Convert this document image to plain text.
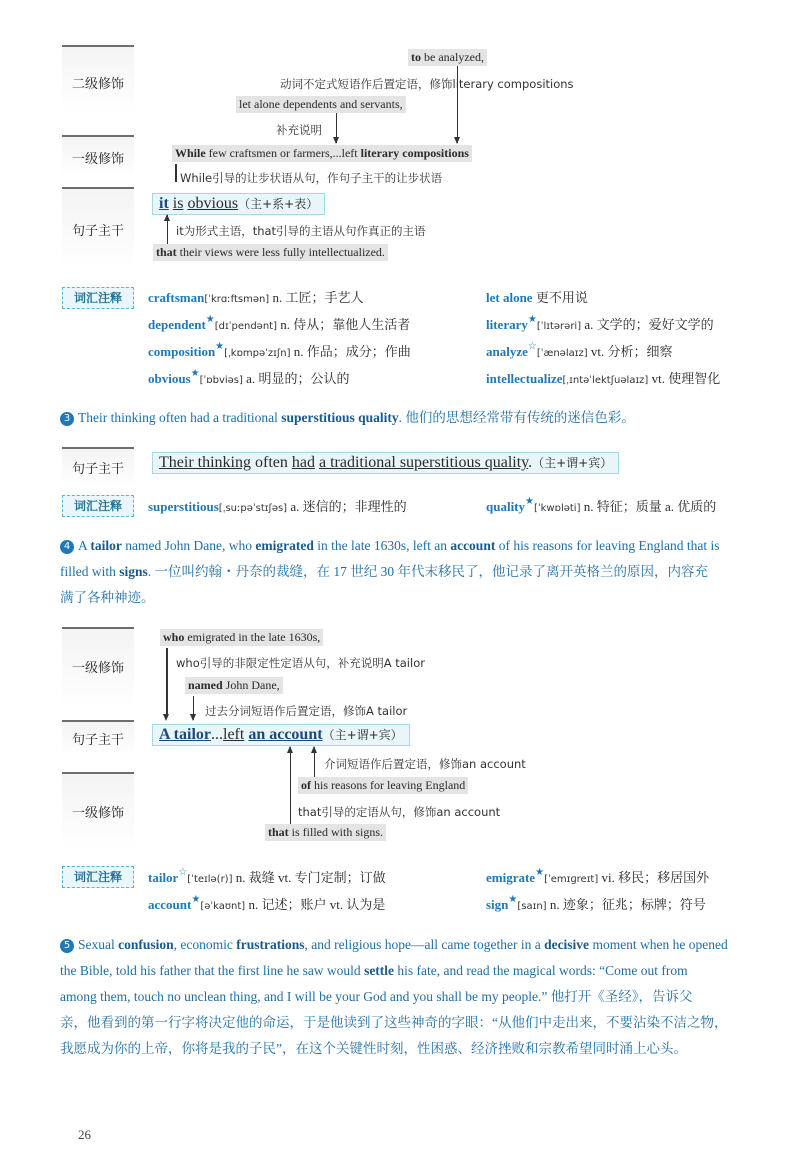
二级修饰
一级修饰
句子主干
to be analyzed,
动词不定式短语作后置定语，修饰literary compositions
let alone dependents and servants,
补充说明
While few craftsmen or farmers,...left literary compositions
While引导的让步状语从句，作句子主干的让步状语
it is obvious（主+系+表）
it为形式主语，that引导的主语从句作真正的主语
that their views were less fully intellectualized.
词汇注释	craftsman[ˈkrɑːftsmən] n. 工匠；手艺人	let alone 更不用说
dependent★[dɪˈpendənt] n. 侍从；靠他人生活者	literary★[ˈlɪtərəri] a. 文学的；爱好文学的
composition★[ˌkɒmpəˈzɪʃn] n. 作品；成分；作曲	analyze☆[ˈænəlaɪz] vt. 分析；细察
obvious★[ˈɒbviəs] a. 明显的；公认的	intellectualize[ˌɪntəˈlektʃuəlaɪz] vt. 使理智化
3 Their thinking often had a traditional superstitious quality. 他们的思想经常带有传统的迷信色彩。
句子主干	Their thinking often had a traditional superstitious quality.（主+谓+宾）
词汇注释	superstitious[ˌsuːpəˈstɪʃəs] a. 迷信的；非理性的	quality★[ˈkwɒləti] n. 特征；质量 a. 优质的
4 A tailor named John Dane, who emigrated in the late 1630s, left an account of his reasons for leaving England that is
filled with signs. 一位叫约翰・丹奈的裁缝，在 17 世纪 30 年代末移民了，他记录了离开英格兰的原因，内容充
满了各种神迹。
一级修饰
句子主干
一级修饰
who emigrated in the late 1630s,
who引导的非限定性定语从句，补充说明A tailor
named John Dane,
过去分词短语作后置定语，修饰A tailor
A tailor...left an account（主+谓+宾）
介词短语作后置定语，修饰an account
of his reasons for leaving England
that引导的定语从句，修饰an account
that is filled with signs.
词汇注释	tailor☆[ˈteɪlə(r)] n. 裁缝 vt. 专门定制；订做	emigrate★[ˈemɪɡreɪt] vi. 移民；移居国外
account★[əˈkaʊnt] n. 记述；账户 vt. 认为是	sign★[saɪn] n. 迹象；征兆；标牌；符号
5 Sexual confusion, economic frustrations, and religious hope—all came together in a decisive moment when he opened
the Bible, told his father that the first line he saw would settle his fate, and read the magical words: “Come out from
among them, touch no unclean thing, and I will be your God and you shall be my people.” 他打开《圣经》，告诉父
亲，他看到的第一行字将决定他的命运，于是他读到了这些神奇的字眼：“从他们中走出来，不要沾染不洁之物，
我愿成为你的上帝，你将是我的子民”，在这个关键性时刻，性困惑、经济挫败和宗教希望同时涌上心头。
26
